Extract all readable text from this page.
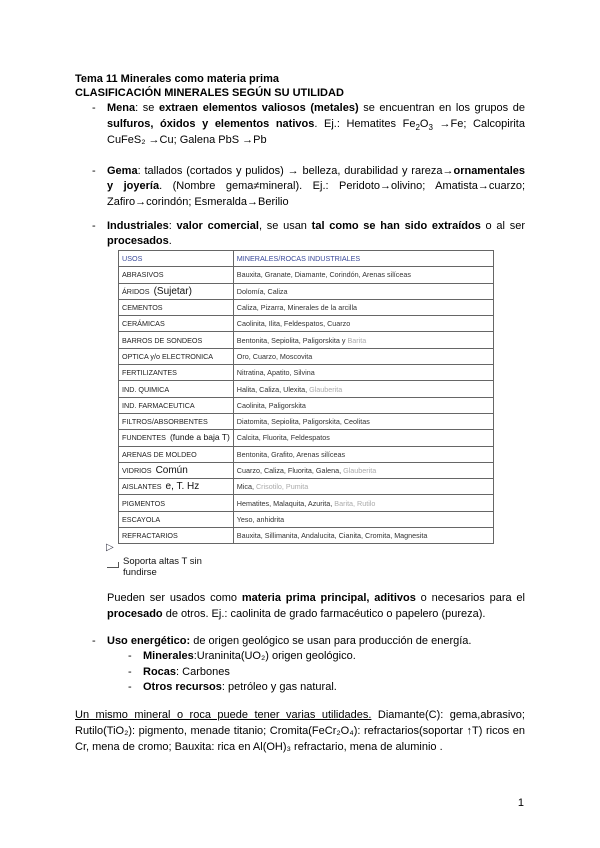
Tema 11 Minerales como materia prima
CLASIFICACIÓN MINERALES SEGÚN SU UTILIDAD
- Mena: se extraen elementos valiosos (metales) se encuentran en los grupos de
sulfuros, óxidos y elementos nativos. Ej.: Hematites $Fe_2O_3 \to Fe$; Calcopirita
CuFeS₂ →Cu; Galena PbS →Pb
- Gema: tallados (cortados y pulidos) → belleza, durabilidad y rareza→ornamentales
y joyería. (Nombre gema≠mineral). Ej.: Peridoto→olivino; Amatista→cuarzo;
Zafiro→corindón; Esmeralda→Berilio
- Industriales: valor comercial, se usan tal como se han sido extraídos o al ser
procesados.
USOS	MINERALES/ROCAS INDUSTRIALES
ABRASIVOS	Bauxita, Granate, Diamante, Corindón, Arenas silíceas
ÁRIDOS (Sujetar)	Dolomía, Caliza
CEMENTOS	Caliza, Pizarra, Minerales de la arcilla
CERÁMICAS	Caolinita, Ilita, Feldespatos, Cuarzo
BARROS DE SONDEOS	Bentonita, Sepiolita, Paligorskita y Barita
OPTICA y/o ELECTRONICA	Oro, Cuarzo, Moscovita
FERTILIZANTES	Nitratina, Apatito, Silvina
IND. QUIMICA	Halita, Caliza, Ulexita, Glauberita
IND. FARMACEUTICA	Caolinita, Paligorskita
FILTROS/ABSORBENTES	Diatomita, Sepiolita, Paligorskita, Ceolitas
FUNDENTES (funde a baja T)	Calcita, Fluorita, Feldespatos
ARENAS DE MOLDEO	Bentonita, Grafito, Arenas silíceas
VIDRIOS Común	Cuarzo, Caliza, Fluorita, Galena, Glauberita
AISLANTES e, T. Hz	Mica, Crisotilo, Pumita
PIGMENTOS	Hematites, Malaquita, Azurita, Barita, Rutilo
ESCAYOLA	Yeso, anhidrita
REFRACTARIOS	Bauxita, Sillimanita, Andalucita, Cianita, Cromita, Magnesita
▷
Soporta altas T sin
fundirse
Pueden ser usados como materia prima principal, aditivos o necesarios para el
procesado de otros. Ej.: caolinita de grado farmacéutico o papelero (pureza).
- Uso energético: de origen geológico se usan para producción de energía.
- Minerales:Uraninita(UO₂) origen geológico.
- Rocas: Carbones
- Otros recursos: petróleo y gas natural.
Un mismo mineral o roca puede tener varias utilidades. Diamante(C): gema,abrasivo;
Rutilo(TiO₂): pigmento, menade titanio; Cromita(FeCr₂O₄): refractarios(soportar ↑T) ricos en
Cr, mena de cromo; Bauxita: rica en Al(OH)₃ refractario, mena de aluminio .
1
